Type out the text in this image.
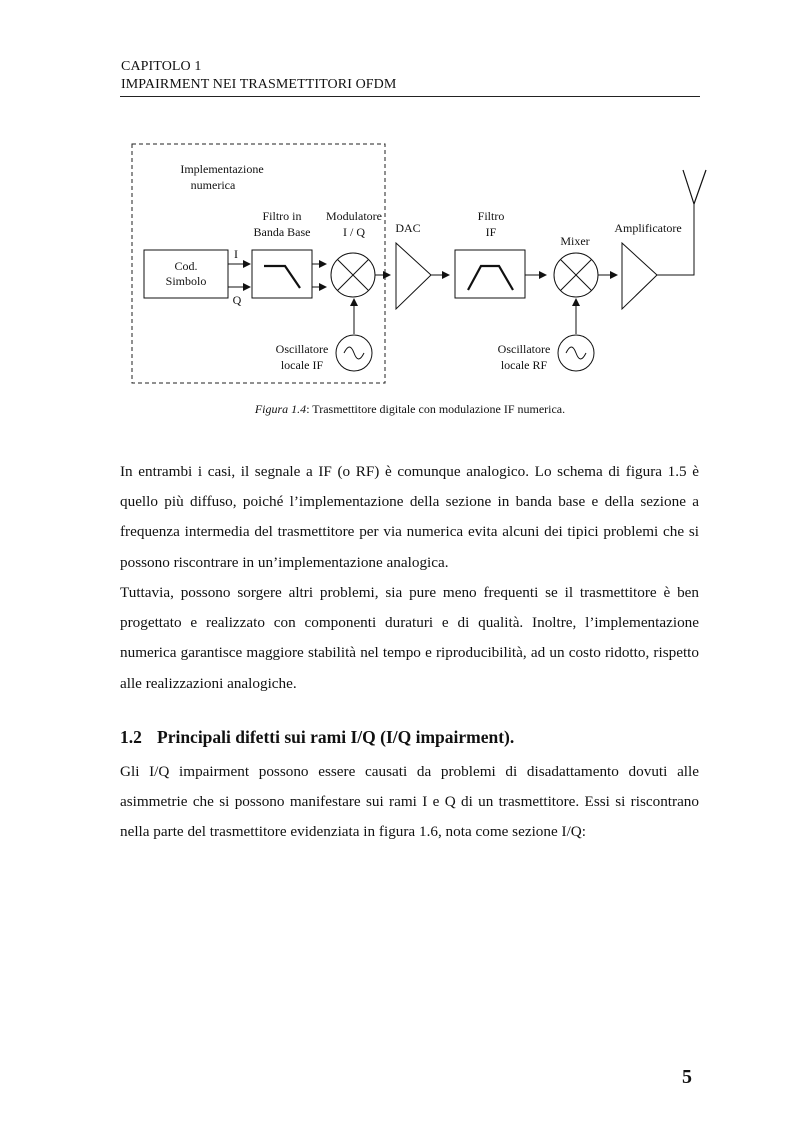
CAPITOLO 1
IMPAIRMENT NEI TRASMETTITORI OFDM
Implementazione
numerica
Cod.
Simbolo
I
Q
Filtro in
Banda Base
Modulatore
I / Q
Oscillatore
locale IF
DAC
Filtro
IF
Mixer
Oscillatore
locale RF
Amplificatore
Figura 1.4: Trasmettitore digitale con modulazione IF numerica.
In entrambi i casi, il segnale a IF (o RF) è comunque analogico. Lo schema di figura 1.5 è quello più diffuso, poiché l’implementazione della sezione in banda base e della sezione a frequenza intermedia del trasmettitore per via numerica evita alcuni dei tipici problemi che si possono riscontrare in un’implementazione analogica.
Tuttavia, possono sorgere altri problemi, sia pure meno frequenti se il trasmettitore è ben progettato e realizzato con componenti duraturi e di qualità. Inoltre, l’implementazione numerica garantisce maggiore stabilità nel tempo e riproducibilità, ad un costo ridotto, rispetto alle realizzazioni analogiche.
1.2 Principali difetti sui rami I/Q (I/Q impairment).
Gli I/Q impairment possono essere causati da problemi di disadattamento dovuti alle asimmetrie che si possono manifestare sui rami I e Q di un trasmettitore. Essi si riscontrano nella parte del trasmettitore evidenziata in figura 1.6, nota come sezione I/Q:
5
